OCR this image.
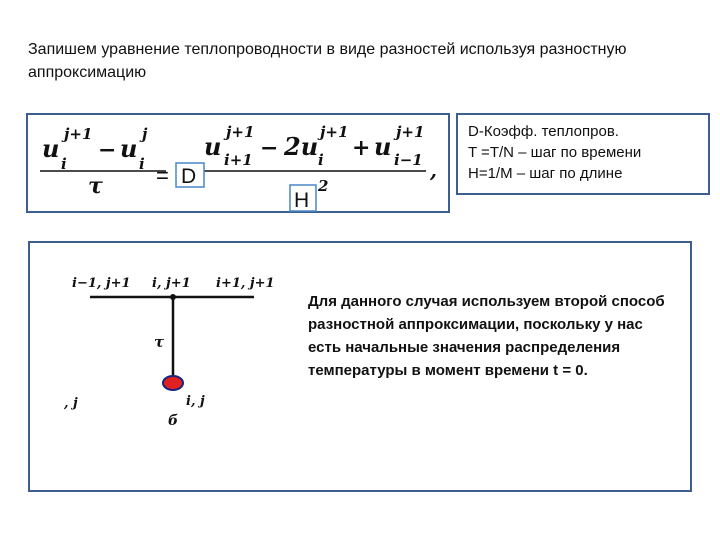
Запишем уравнение теплопроводности в виде разностей используя разностную аппроксимацию
u j+1
i
− u j
i
τ
u j+1
i+1 − 2u j+1
i + u j+1
i−1
2
,
= D
H
D-Коэфф. теплопров.
T =T/N – шаг по времени
H=1/M – шаг по длине
i−1, j+1 i, j+1 i+1, j+1
τ
i, j
, j
б
Для данного случая используем второй способ разностной аппроксимации, поскольку у нас есть начальные значения распределения температуры в момент времени t = 0.
